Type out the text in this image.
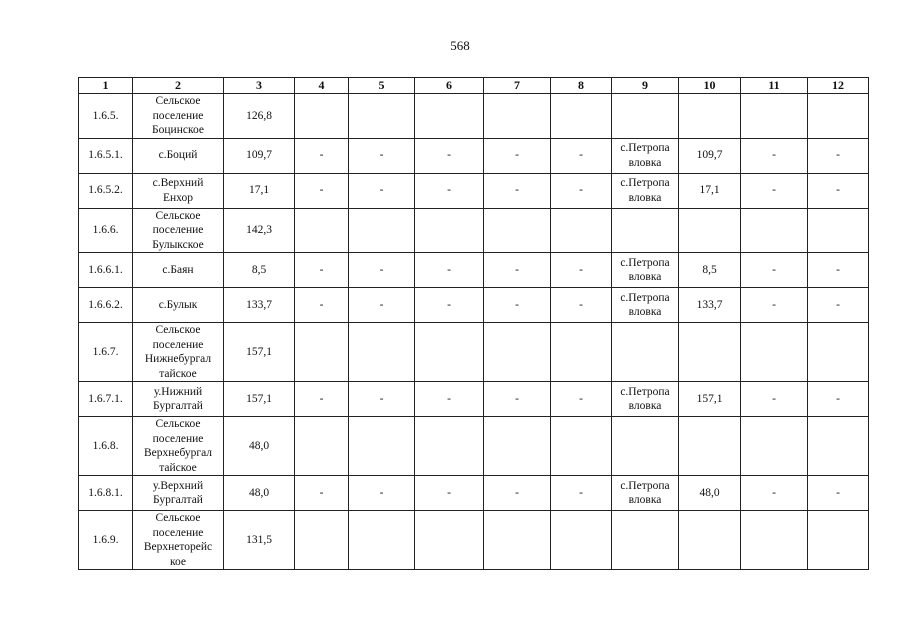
568
1	2	3	4	5	6	7	8	9	10	11	12
1.6.5.	Сельское
поселение
Боцинское	126,8									
1.6.5.1.	с.Боций	109,7	-	-	-	-	-	с.Петропа
вловка	109,7	-	-
1.6.5.2.	с.Верхний
Енхор	17,1	-	-	-	-	-	с.Петропа
вловка	17,1	-	-
1.6.6.	Сельское
поселение
Булыкское	142,3									
1.6.6.1.	с.Баян	8,5	-	-	-	-	-	с.Петропа
вловка	8,5	-	-
1.6.6.2.	с.Булык	133,7	-	-	-	-	-	с.Петропа
вловка	133,7	-	-
1.6.7.	Сельское
поселение
Нижнебургал
тайское	157,1									
1.6.7.1.	у.Нижний
Бургалтай	157,1	-	-	-	-	-	с.Петропа
вловка	157,1	-	-
1.6.8.	Сельское
поселение
Верхнебургал
тайское	48,0									
1.6.8.1.	у.Верхний
Бургалтай	48,0	-	-	-	-	-	с.Петропа
вловка	48,0	-	-
1.6.9.	Сельское
поселение
Верхнеторейс
кое	131,5									
